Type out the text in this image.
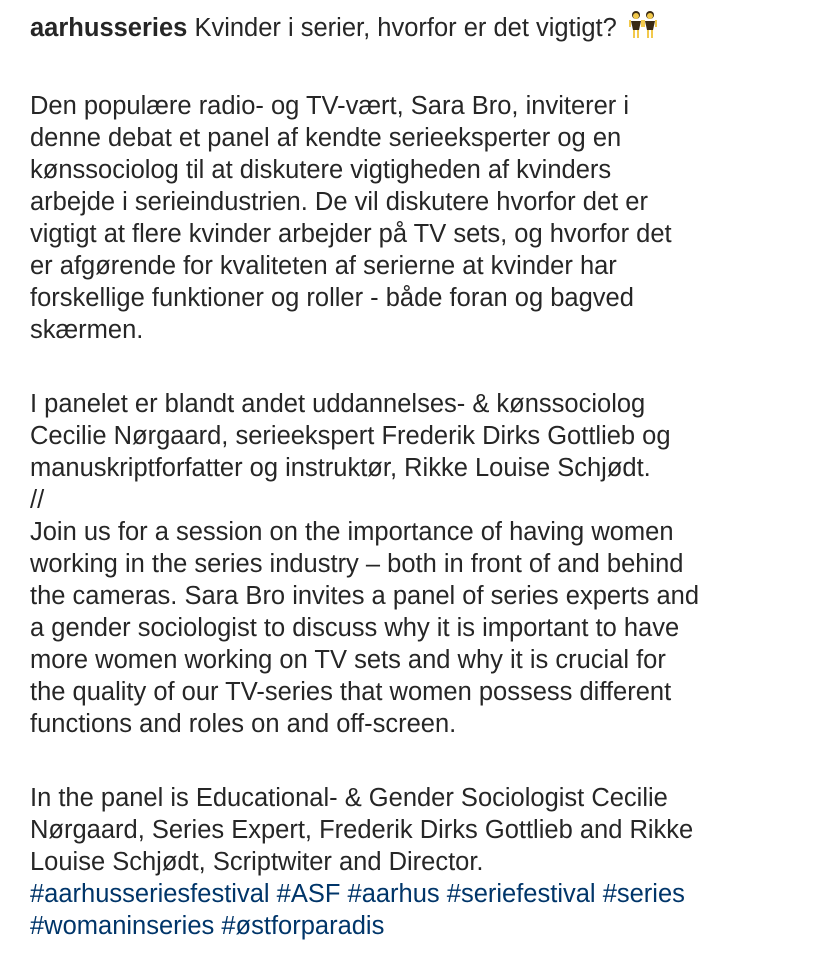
aarhusseries Kvinder i serier, hvorfor er det vigtigt?

Den populære radio- og TV-vært, Sara Bro, inviterer i
denne debat et panel af kendte serieeksperter og en
kønssociolog til at diskutere vigtigheden af kvinders
arbejde i serieindustrien. De vil diskutere hvorfor det er
vigtigt at flere kvinder arbejder på TV sets, og hvorfor det
er afgørende for kvaliteten af serierne at kvinder har
forskellige funktioner og roller - både foran og bagved
skærmen.

I panelet er blandt andet uddannelses- & kønssociolog
Cecilie Nørgaard, serieekspert Frederik Dirks Gottlieb og
manuskriptforfatter og instruktør, Rikke Louise Schjødt.
//
Join us for a session on the importance of having women
working in the series industry – both in front of and behind
the cameras. Sara Bro invites a panel of series experts and
a gender sociologist to discuss why it is important to have
more women working on TV sets and why it is crucial for
the quality of our TV-series that women possess different
functions and roles on and off-screen.

In the panel is Educational- & Gender Sociologist Cecilie
Nørgaard, Series Expert, Frederik Dirks Gottlieb and Rikke
Louise Schjødt, Scriptwiter and Director.

#aarhusseriesfestival #ASF #aarhus #seriefestival #series
#womaninseries #østforparadis
